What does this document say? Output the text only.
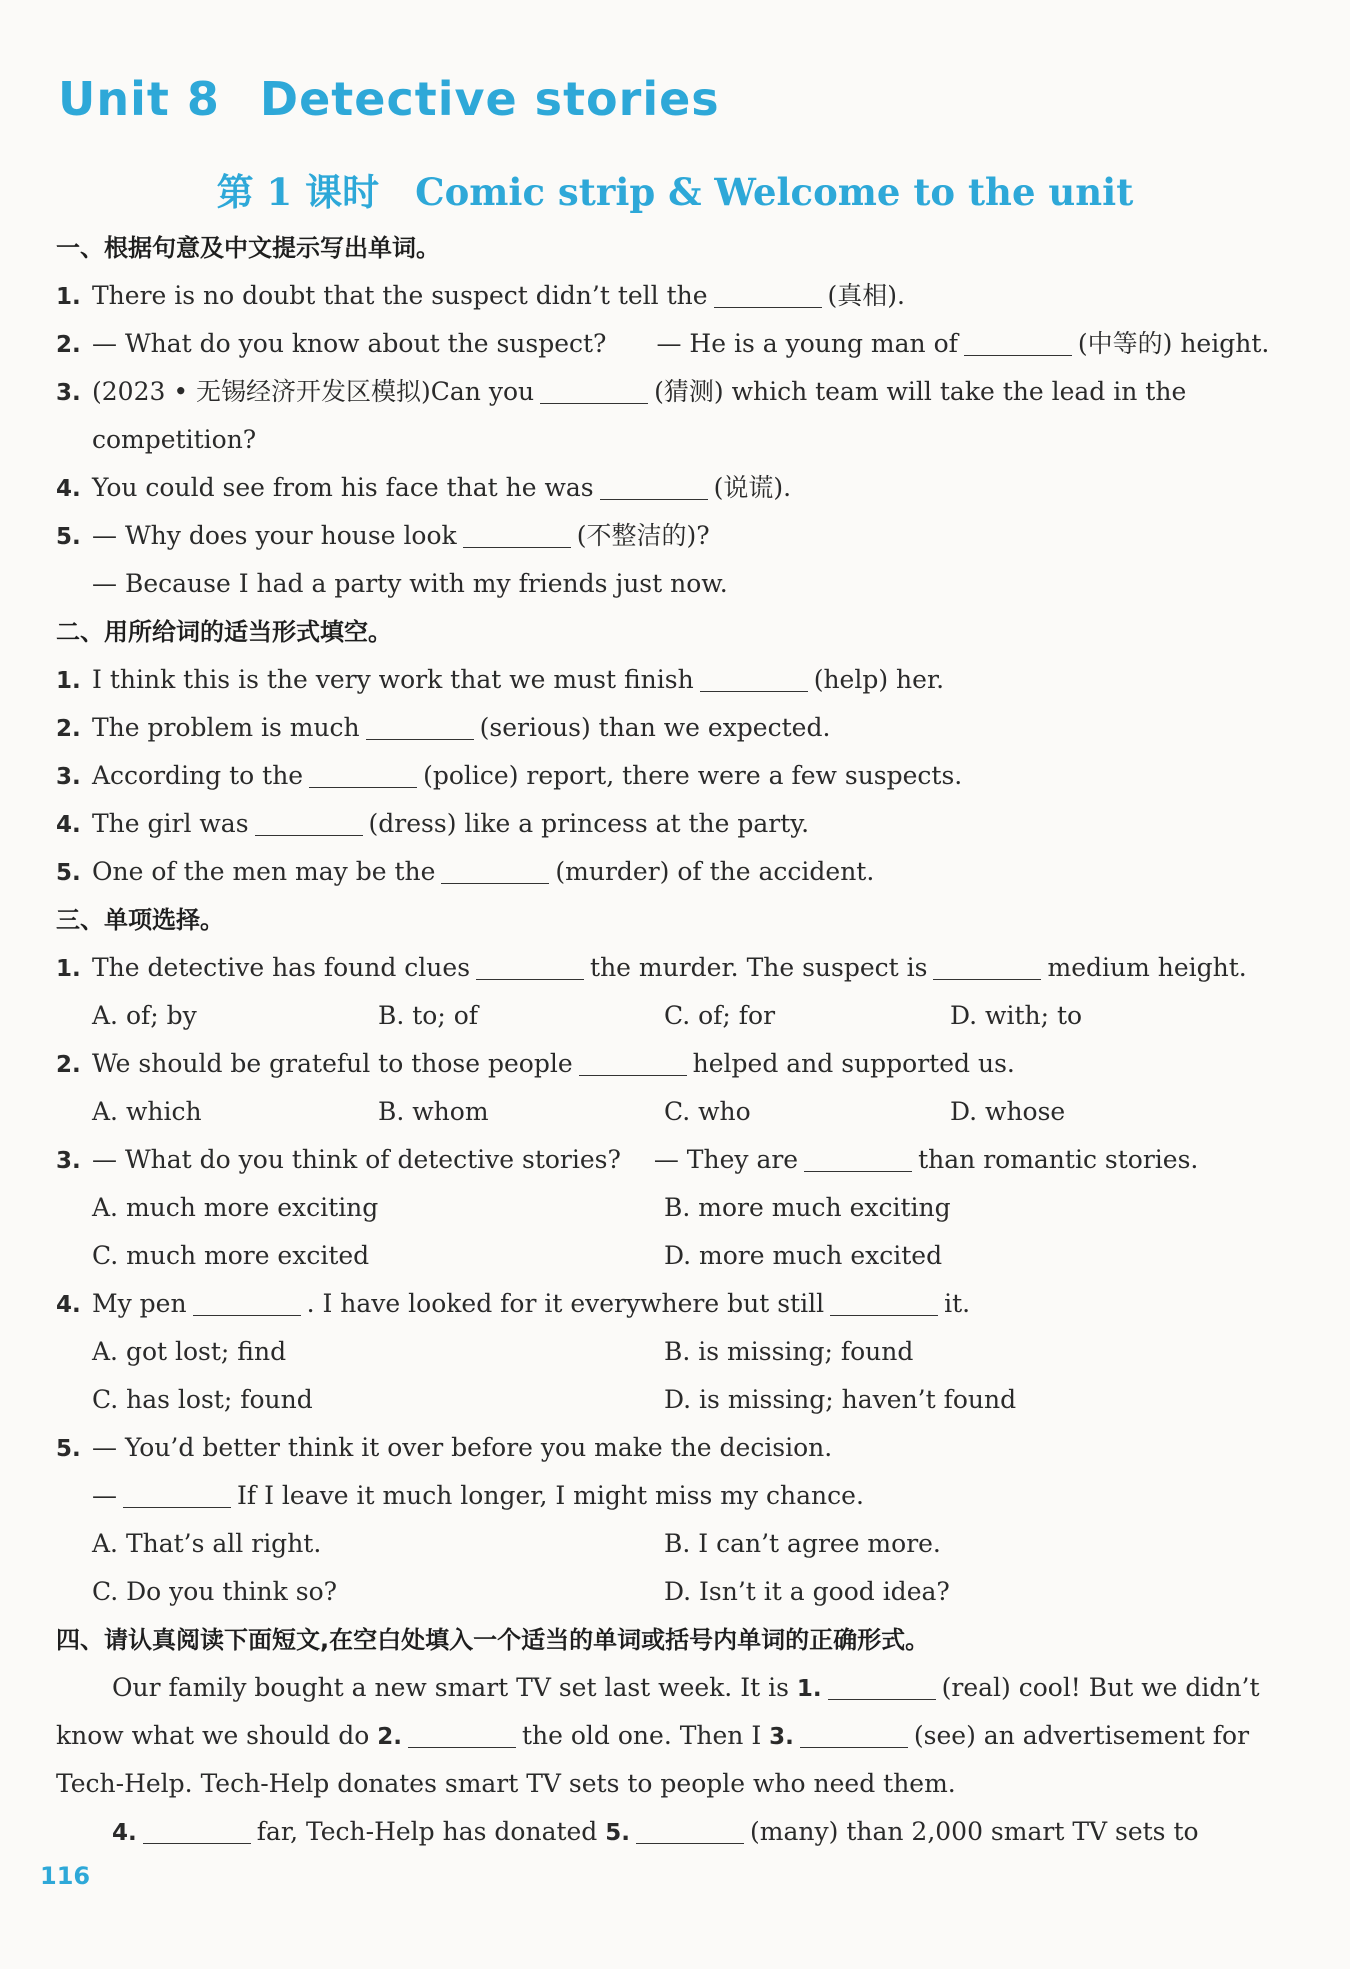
Unit 8 Detective stories
第 1 课时 Comic strip & Welcome to the unit
一、根据句意及中文提示写出单词。
1. There is no doubt that the suspect didn’t tell the	(真相).
2. — What do you know about the suspect?　　— He is a young man of	(中等的) height.
3. (2023 • 无锡经济开发区模拟)Can you	(猜测) which team will take the lead in the
competition?
4. You could see from his face that he was	(说谎).
5. — Why does your house look	(不整洁的)?
— Because I had a party with my friends just now.
二、用所给词的适当形式填空。
1. I think this is the very work that we must finish	(help) her.
2. The problem is much	(serious) than we expected.
3. According to the	(police) report, there were a few suspects.
4. The girl was	(dress) like a princess at the party.
5. One of the men may be the	(murder) of the accident.
三、单项选择。
1. The detective has found clues	the murder. The suspect is	medium height.
A. of; by	B. to; of	C. of; for	D. with; to
2. We should be grateful to those people	helped and supported us.
A. which	B. whom	C. who	D. whose
3. — What do you think of detective stories?　 — They are	than romantic stories.
A. much more exciting	B. more much exciting
C. much more excited	D. more much excited
4. My pen	. I have looked for it everywhere but still	it.
A. got lost; find	B. is missing; found
C. has lost; found	D. is missing; haven’t found
5. — You’d better think it over before you make the decision.
—	If I leave it much longer, I might miss my chance.
A. That’s all right.	B. I can’t agree more.
C. Do you think so?	D. Isn’t it a good idea?
四、请认真阅读下面短文,在空白处填入一个适当的单词或括号内单词的正确形式。
Our family bought a new smart TV set last week. It is 1.	(real) cool! But we didn’t
know what we should do 2.	the old one. Then I 3.	(see) an advertisement for
Tech-Help. Tech-Help donates smart TV sets to people who need them.
4.	far, Tech-Help has donated 5.	(many) than 2,000 smart TV sets to
116
